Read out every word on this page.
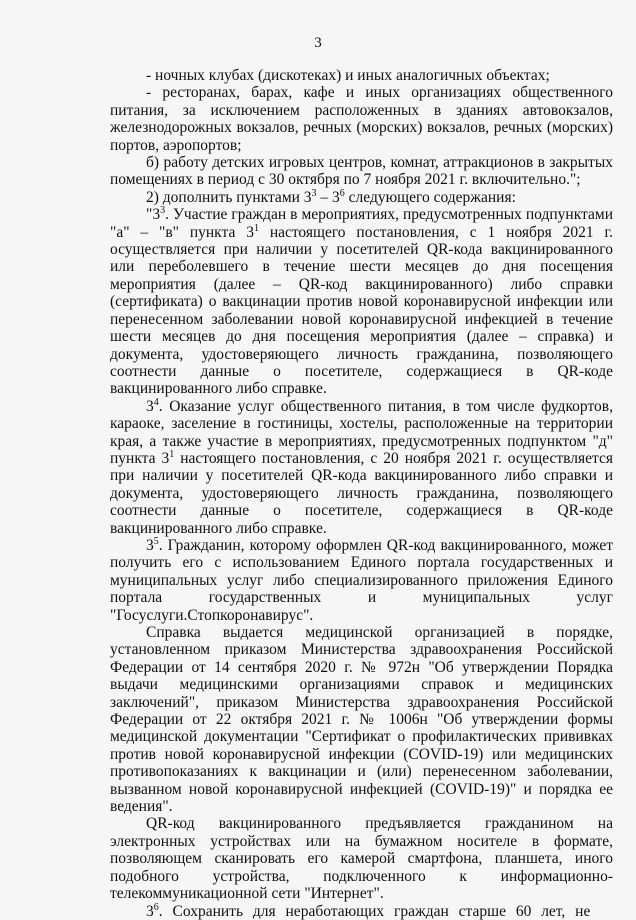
3

- ночных клубах (дискотеках) и иных аналогичных объектах;

- ресторанах, барах, кафе и иных организациях общественного питания, за исключением расположенных в зданиях автовокзалов, железнодорожных вокзалов, речных (морских) вокзалов, речных (морских) портов, аэропортов;

б) работу детских игровых центров, комнат, аттракционов в закрытых помещениях в период с 30 октября по 7 ноября 2021 г. включительно.";

2) дополнить пунктами $3^3 - 3^6$ следующего содержания:

"$3^3$. Участие граждан в мероприятиях, предусмотренных подпунктами "а" – "в" пункта $3^1$ настоящего постановления, с 1 ноября 2021 г. осуществляется при наличии у посетителей QR-кода вакцинированного или переболевшего в течение шести месяцев до дня посещения мероприятия (далее – QR-код вакцинированного) либо справки (сертификата) о вакцинации против новой коронавирусной инфекции или перенесенном заболевании новой коронавирусной инфекцией в течение шести месяцев до дня посещения мероприятия (далее – справка) и документа, удостоверяющего личность гражданина, позволяющего соотнести данные о посетителе, содержащиеся в QR-коде вакцинированного либо справке.

$3^4$. Оказание услуг общественного питания, в том числе фудкортов, караоке, заселение в гостиницы, хостелы, расположенные на территории края, а также участие в мероприятиях, предусмотренных подпунктом "д" пункта $3^1$ настоящего постановления, с 20 ноября 2021 г. осуществляется при наличии у посетителей QR-кода вакцинированного либо справки и документа, удостоверяющего личность гражданина, позволяющего соотнести данные о посетителе, содержащиеся в QR-коде вакцинированного либо справке.

$3^5$. Гражданин, которому оформлен QR-код вакцинированного, может получить его с использованием Единого портала государственных и муниципальных услуг либо специализированного приложения Единого портала государственных и муниципальных услуг "Госуслуги.Стопкоронавирус".

Справка выдается медицинской организацией в порядке, установленном приказом Министерства здравоохранения Российской Федерации от 14 сентября 2020 г. № 972н "Об утверждении Порядка выдачи медицинскими организациями справок и медицинских заключений", приказом Министерства здравоохранения Российской Федерации от 22 октября 2021 г. № 1006н "Об утверждении формы медицинской документации "Сертификат о профилактических прививках против новой коронавирусной инфекции (COVID-19) или медицинских противопоказаниях к вакцинации и (или) перенесенном заболевании, вызванном новой коронавирусной инфекцией (COVID-19)" и порядка ее ведения".

QR-код вакцинированного предъявляется гражданином на электронных устройствах или на бумажном носителе в формате, позволяющем сканировать его камерой смартфона, планшета, иного подобного устройства, подключенного к информационно-телекоммуникационной сети "Интернет".

$3^6$. Сохранить для неработающих граждан старше 60 лет, не
